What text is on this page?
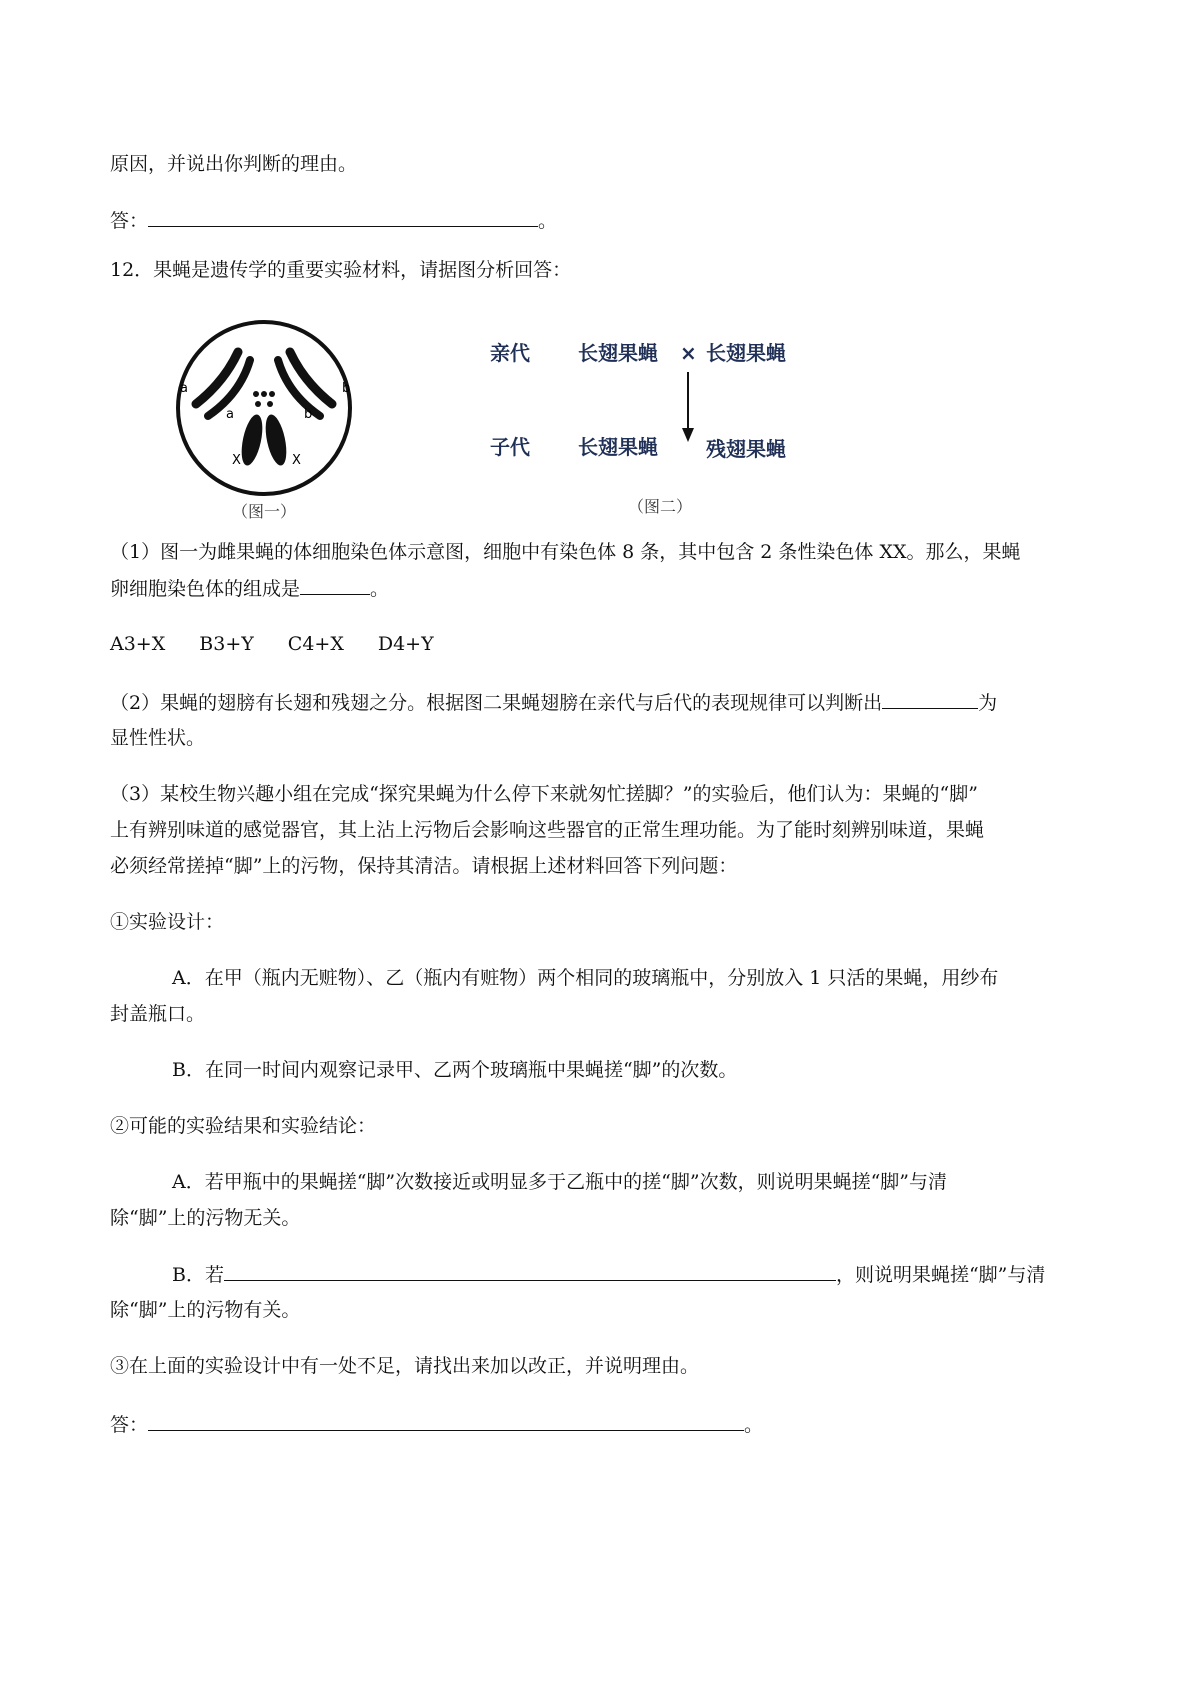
原因，并说出你判断的理由。
答：	。
12．果蝇是遗传学的重要实验材料，请据图分析回答：
a
a
b
b
X	X
（图一）
亲代 长翅果蝇 × 长翅果蝇
子代 长翅果蝇 残翅果蝇
（图二）
（1）图一为雌果蝇的体细胞染色体示意图，细胞中有染色体 8 条，其中包含 2 条性染色体 XX。那么，果蝇
卵细胞染色体的组成是	。
A3+X B3+Y C4+X D4+Y
（2）果蝇的翅膀有长翅和残翅之分。根据图二果蝇翅膀在亲代与后代的表现规律可以判断出	为
显性性状。
（3）某校生物兴趣小组在完成“探究果蝇为什么停下来就匆忙搓脚？”的实验后，他们认为：果蝇的“脚”
上有辨别味道的感觉器官，其上沾上污物后会影响这些器官的正常生理功能。为了能时刻辨别味道，果蝇
必须经常搓掉“脚”上的污物，保持其清洁。请根据上述材料回答下列问题：
①实验设计：
A．在甲（瓶内无赃物）、乙（瓶内有赃物）两个相同的玻璃瓶中，分别放入 1 只活的果蝇，用纱布
封盖瓶口。
B．在同一时间内观察记录甲、乙两个玻璃瓶中果蝇搓“脚”的次数。
②可能的实验结果和实验结论：
A．若甲瓶中的果蝇搓“脚”次数接近或明显多于乙瓶中的搓“脚”次数，则说明果蝇搓“脚”与清
除“脚”上的污物无关。
B．若	，则说明果蝇搓“脚”与清
除“脚”上的污物有关。
③在上面的实验设计中有一处不足，请找出来加以改正，并说明理由。
答：	。
